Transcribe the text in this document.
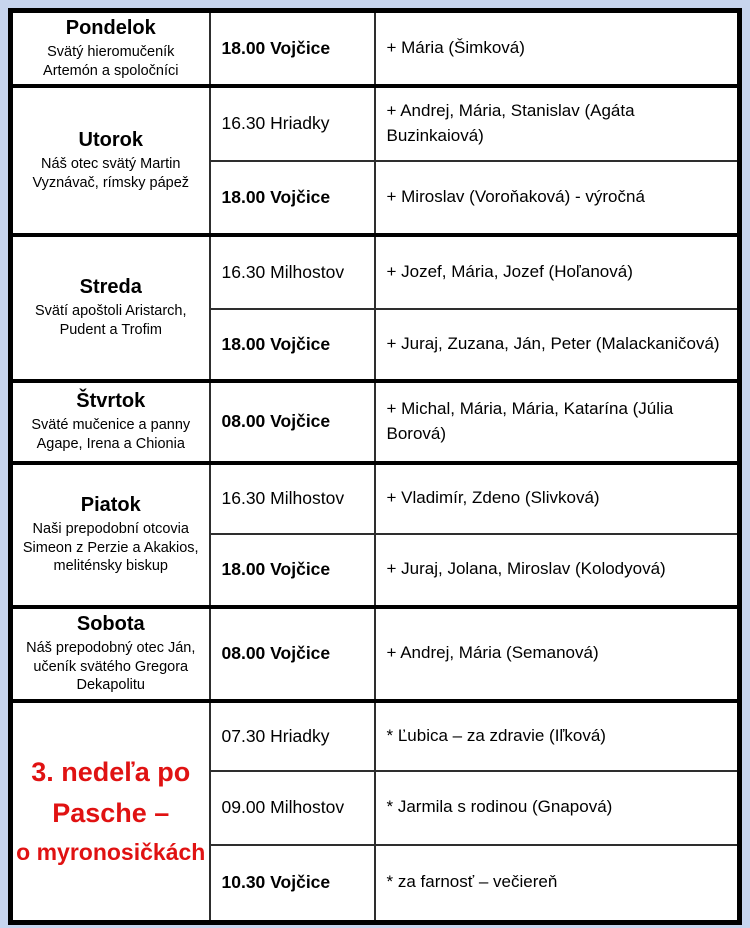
Pondelok
Svätý hieromučeník Artemón a spoločníci	18.00 Vojčice	+ Mária (Šimková)

Utorok
Náš otec svätý Martin Vyznávač, rímsky pápež	16.30 Hriadky	+ Andrej, Mária, Stanislav (Agáta Buzinkaiová)
	18.00 Vojčice	+ Miroslav (Voroňaková) - výročná

Streda
Svätí apoštoli Aristarch, Pudent a Trofim	16.30 Milhostov	+ Jozef, Mária, Jozef (Hoľanová)
	18.00 Vojčice	+ Juraj, Zuzana, Ján, Peter (Malackaničová)

Štvrtok
Sväté mučenice a panny Agape, Irena a Chionia	08.00 Vojčice	+ Michal, Mária, Mária, Katarína (Júlia Borová)

Piatok
Naši prepodobní otcovia Simeon z Perzie a Akakios, meliténsky biskup	16.30 Milhostov	+ Vladimír, Zdeno (Slivková)
	18.00 Vojčice	+ Juraj, Jolana, Miroslav (Kolodyová)

Sobota
Náš prepodobný otec Ján, učeník svätého Gregora Dekapolitu	08.00 Vojčice	+ Andrej, Mária (Semanová)

3. nedeľa po
Pasche –
o myronosičkách	07.30 Hriadky	* Ľubica – za zdravie (Iľková)
	09.00 Milhostov	* Jarmila s rodinou (Gnapová)
	10.30 Vojčice	* za farnosť – večiereň
